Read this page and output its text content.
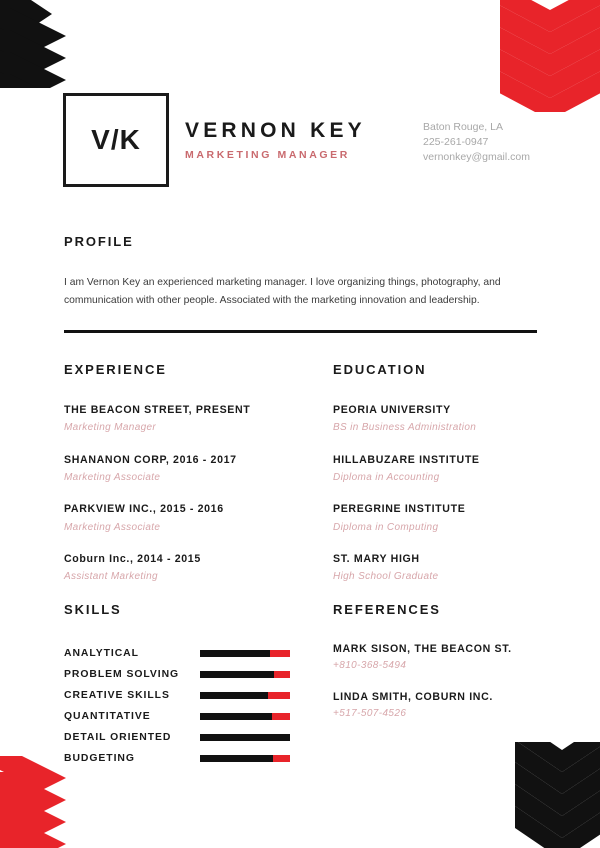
V/K VERNON KEY
MARKETING MANAGER
Baton Rouge, LA
225-261-0947
vernonkey@gmail.com
PROFILE
I am Vernon Key an experienced marketing manager. I love organizing things, photography, and communication with other people. Associated with the marketing innovation and leadership.
EXPERIENCE
THE BEACON STREET, PRESENT
Marketing Manager
SHANANON CORP, 2016 - 2017
Marketing Associate
PARKVIEW INC., 2015 - 2016
Marketing Associate
Coburn Inc., 2014 - 2015
Assistant Marketing
EDUCATION
PEORIA UNIVERSITY
BS in Business Administration
HILLABUZARE INSTITUTE
Diploma in Accounting
PEREGRINE INSTITUTE
Diploma in Computing
ST. MARY HIGH
High School Graduate
SKILLS
ANALYTICAL
PROBLEM SOLVING
CREATIVE SKILLS
QUANTITATIVE
DETAIL ORIENTED
BUDGETING
REFERENCES
MARK SISON, THE BEACON ST.
+810-368-5494
LINDA SMITH, COBURN INC.
+517-507-4526
